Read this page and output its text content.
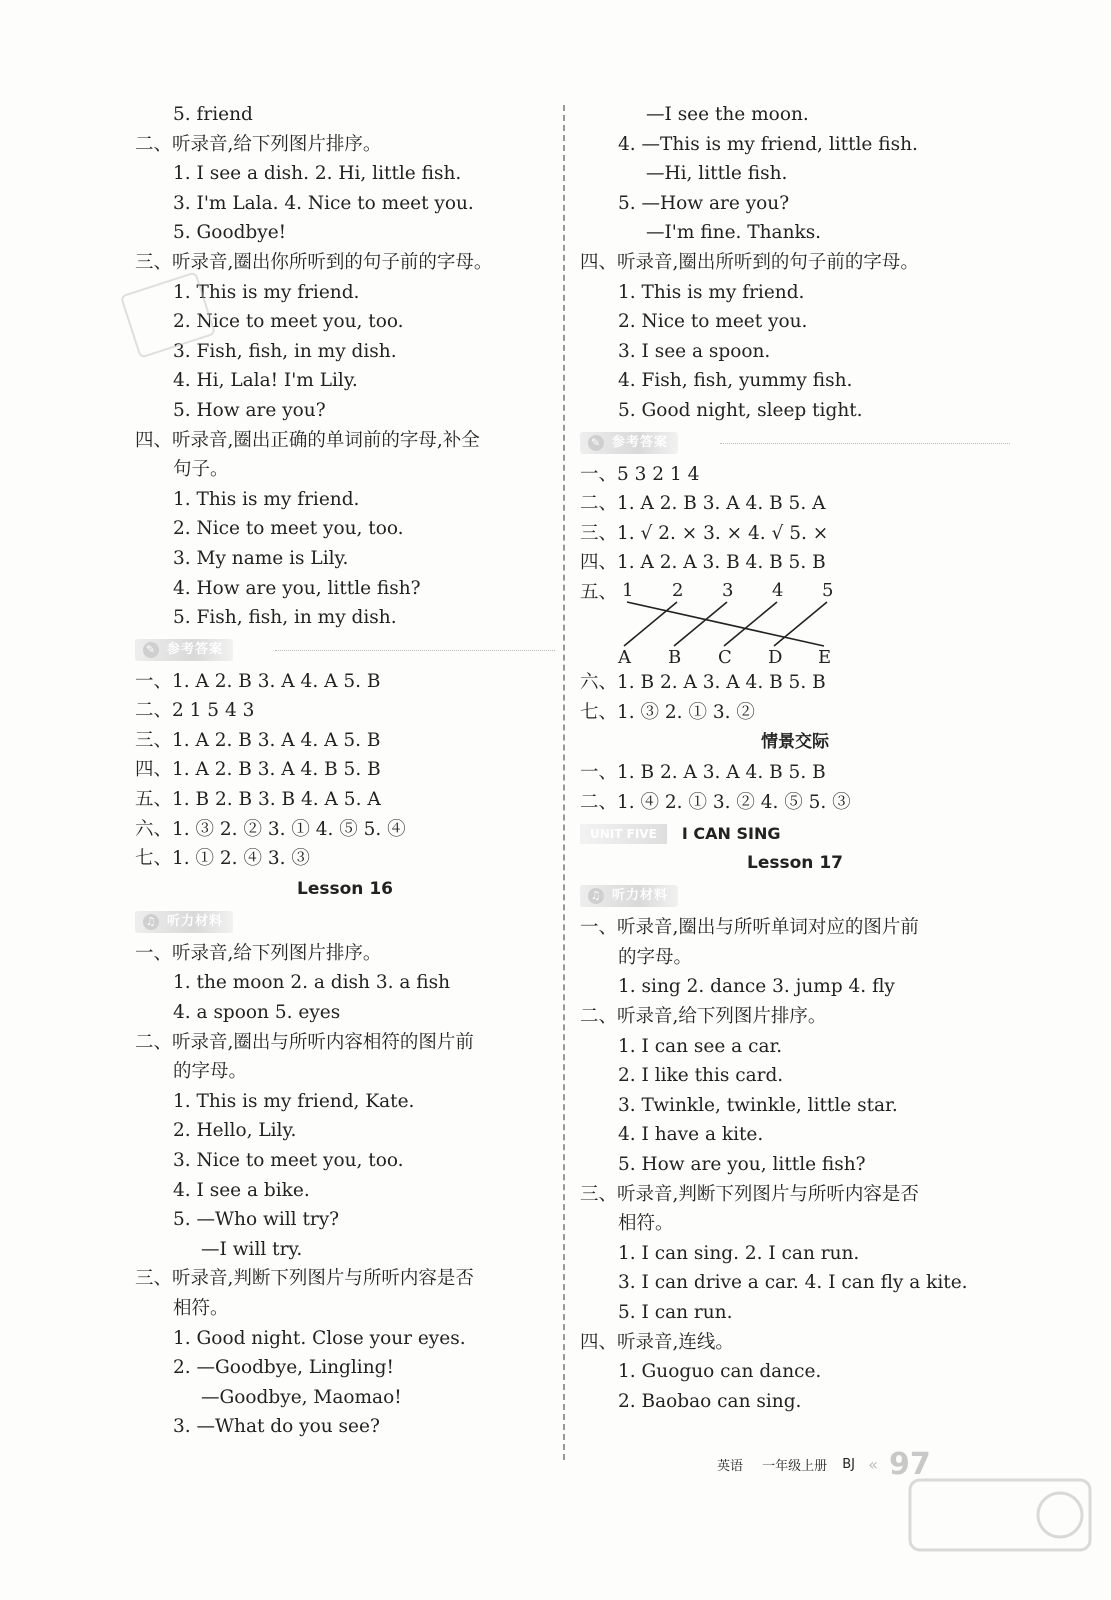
5. friend
二、听录音,给下列图片排序。
1. I see a dish. 2. Hi, little fish.
3. I'm Lala. 4. Nice to meet you.
5. Goodbye!
三、听录音,圈出你所听到的句子前的字母。
1. This is my friend.
2. Nice to meet you, too.
3. Fish, fish, in my dish.
4. Hi, Lala! I'm Lily.
5. How are you?
四、听录音,圈出正确的单词前的字母,补全
句子。
1. This is my friend.
2. Nice to meet you, too.
3. My name is Lily.
4. How are you, little fish?
5. Fish, fish, in my dish.
✎ 参考答案
一、1. A 2. B 3. A 4. A 5. B
二、2 1 5 4 3
三、1. A 2. B 3. A 4. A 5. B
四、1. A 2. B 3. A 4. B 5. B
五、1. B 2. B 3. B 4. A 5. A
六、1. ③ 2. ② 3. ① 4. ⑤ 5. ④
七、1. ① 2. ④ 3. ③
Lesson 16
♫ 听力材料
一、听录音,给下列图片排序。
1. the moon 2. a dish 3. a fish
4. a spoon 5. eyes
二、听录音,圈出与所听内容相符的图片前
的字母。
1. This is my friend, Kate.
2. Hello, Lily.
3. Nice to meet you, too.
4. I see a bike.
5. —Who will try?
—I will try.
三、听录音,判断下列图片与所听内容是否
相符。
1. Good night. Close your eyes.
2. —Goodbye, Lingling!
—Goodbye, Maomao!
3. —What do you see?
—I see the moon.
4. —This is my friend, little fish.
—Hi, little fish.
5. —How are you?
—I'm fine. Thanks.
四、听录音,圈出所听到的句子前的字母。
1. This is my friend.
2. Nice to meet you.
3. I see a spoon.
4. Fish, fish, yummy fish.
5. Good night, sleep tight.
✎ 参考答案
一、5 3 2 1 4
二、1. A 2. B 3. A 4. B 5. A
三、1. √ 2. × 3. × 4. √ 5. ×
四、1. A 2. A 3. B 4. B 5. B
五、 1 2 3 4 5
A B C D E
六、1. B 2. A 3. A 4. B 5. B
七、1. ③ 2. ① 3. ②
情景交际
一、1. B 2. A 3. A 4. B 5. B
二、1. ④ 2. ① 3. ② 4. ⑤ 5. ③
UNIT FIVE I CAN SING
Lesson 17
♫ 听力材料
一、听录音,圈出与所听单词对应的图片前
的字母。
1. sing 2. dance 3. jump 4. fly
二、听录音,给下列图片排序。
1. I can see a car.
2. I like this card.
3. Twinkle, twinkle, little star.
4. I have a kite.
5. How are you, little fish?
三、听录音,判断下列图片与所听内容是否
相符。
1. I can sing. 2. I can run.
3. I can drive a car. 4. I can fly a kite.
5. I can run.
四、听录音,连线。
1. Guoguo can dance.
2. Baobao can sing.
英语 一年级上册 BJ « 97
